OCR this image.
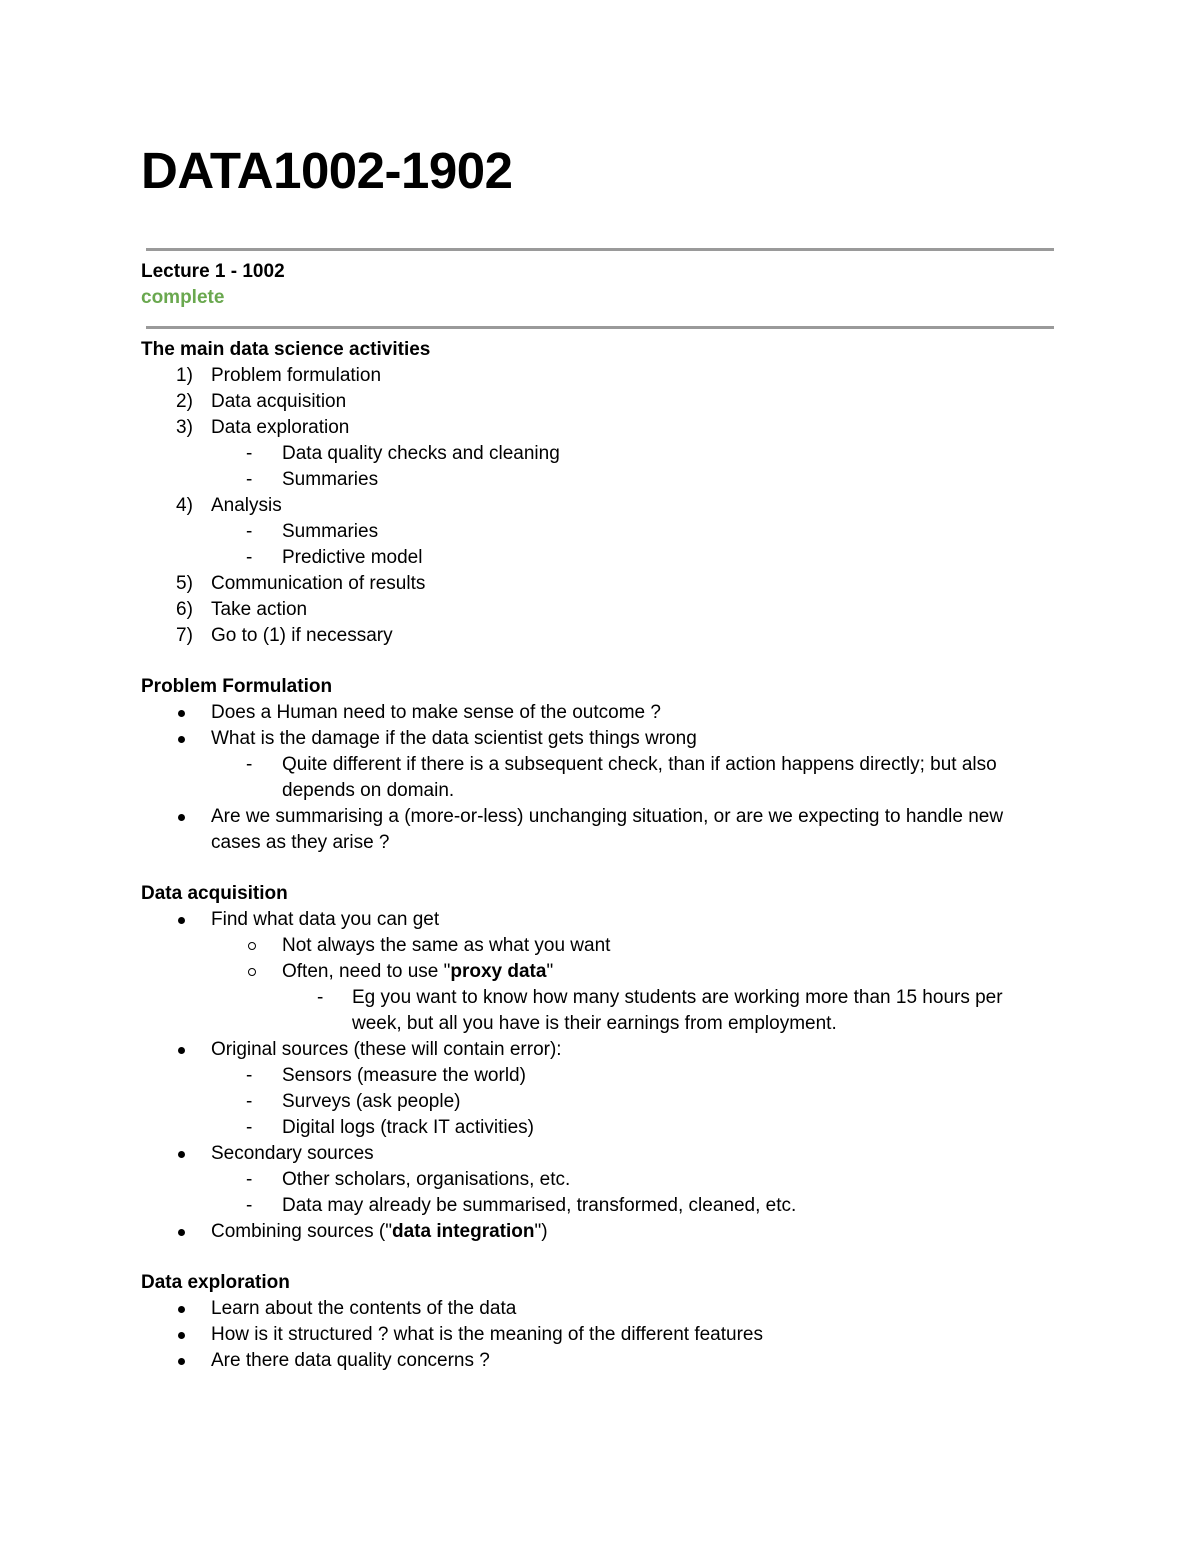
DATA1002-1902
Lecture 1 - 1002
complete
The main data science activities
1) Problem formulation
2) Data acquisition
3) Data exploration
- Data quality checks and cleaning
- Summaries
4) Analysis
- Summaries
- Predictive model
5) Communication of results
6) Take action
7) Go to (1) if necessary
Problem Formulation
Does a Human need to make sense of the outcome ?
What is the damage if the data scientist gets things wrong
- Quite different if there is a subsequent check, than if action happens directly; but also
depends on domain.
Are we summarising a (more-or-less) unchanging situation, or are we expecting to handle new
cases as they arise ?
Data acquisition
Find what data you can get
Not always the same as what you want
Often, need to use "proxy data"
- Eg you want to know how many students are working more than 15 hours per
week, but all you have is their earnings from employment.
Original sources (these will contain error):
- Sensors (measure the world)
- Surveys (ask people)
- Digital logs (track IT activities)
Secondary sources
- Other scholars, organisations, etc.
- Data may already be summarised, transformed, cleaned, etc.
Combining sources ("data integration")
Data exploration
Learn about the contents of the data
How is it structured ? what is the meaning of the different features
Are there data quality concerns ?
